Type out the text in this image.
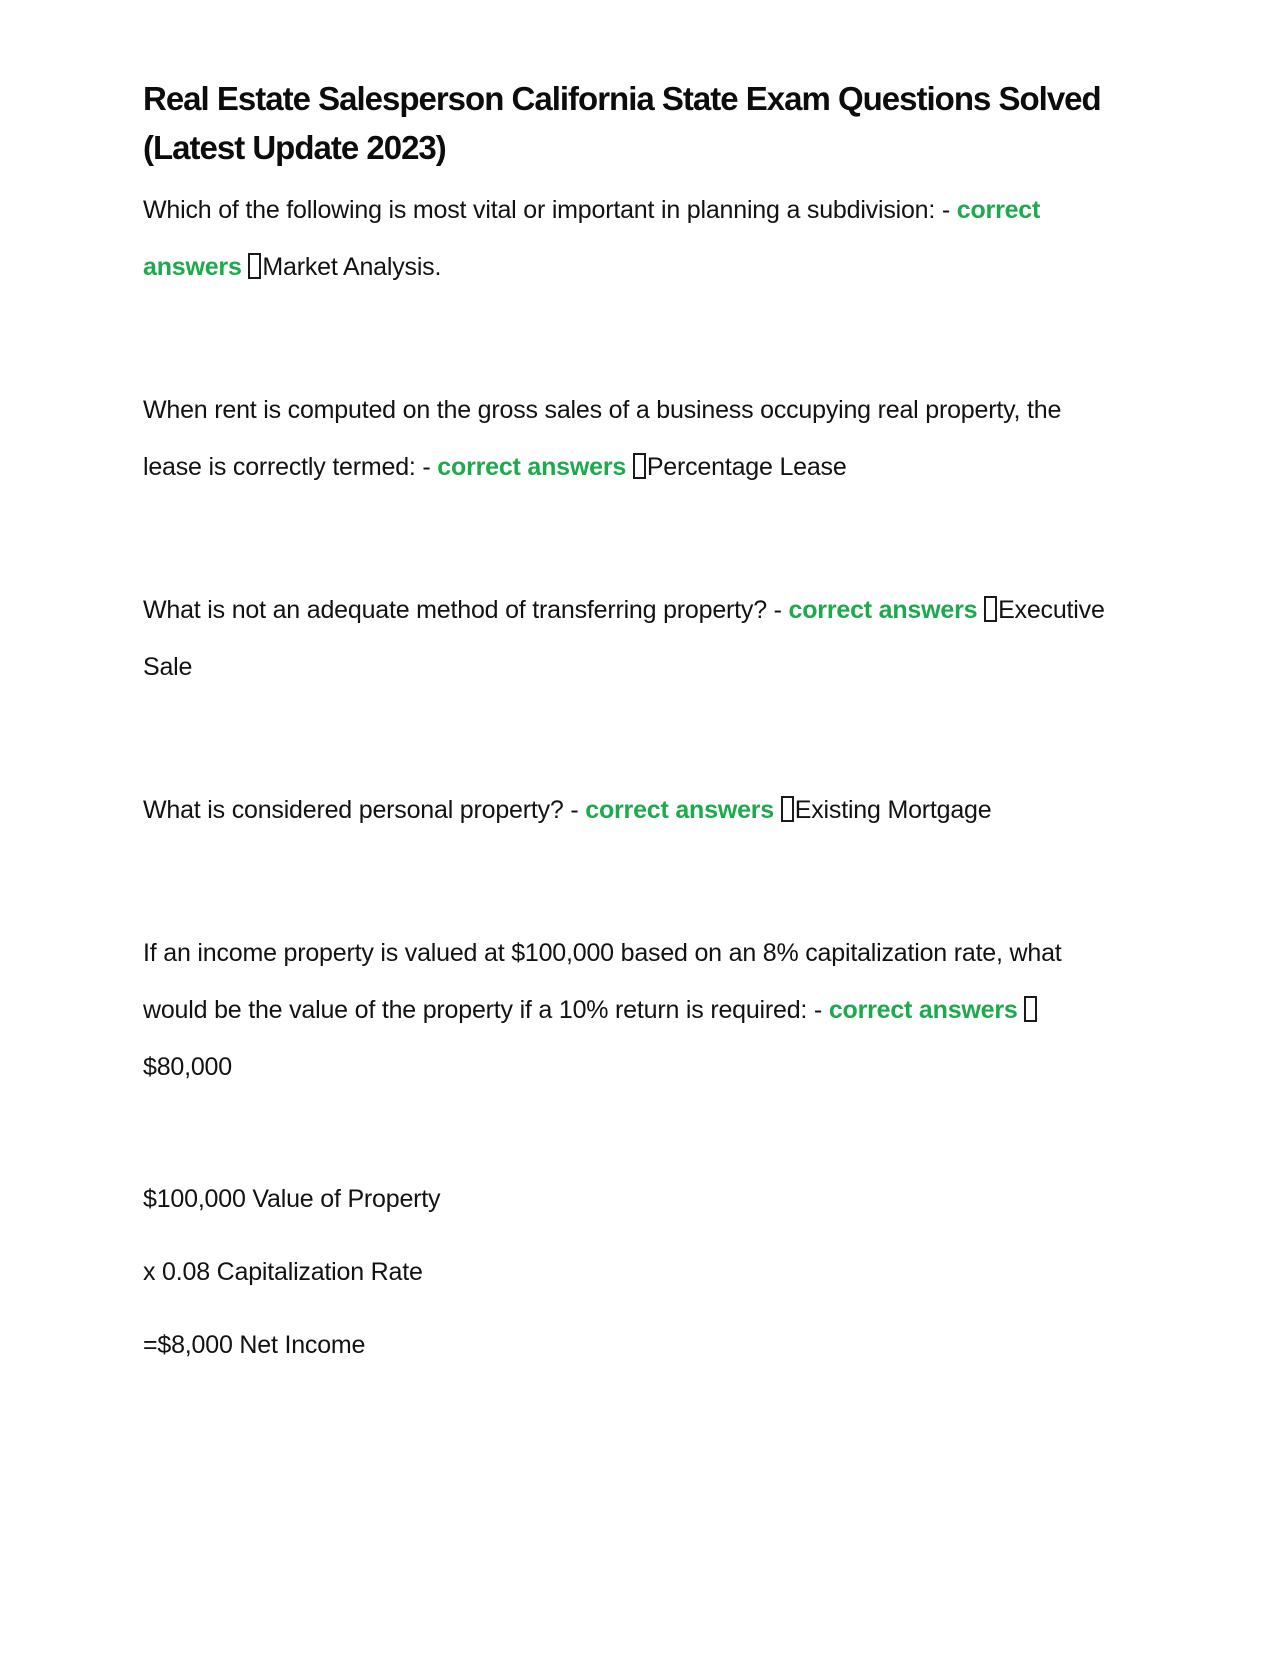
Real Estate Salesperson California State Exam Questions Solved (Latest Update 2023)

Which of the following is most vital or important in planning a subdivision: - correct answers Market Analysis.

When rent is computed on the gross sales of a business occupying real property, the lease is correctly termed: - correct answers Percentage Lease

What is not an adequate method of transferring property? - correct answers Executive Sale

What is considered personal property? - correct answers Existing Mortgage

If an income property is valued at $100,000 based on an 8% capitalization rate, what would be the value of the property if a 10% return is required: - correct answers $80,000

$100,000 Value of Property

x 0.08 Capitalization Rate

=$8,000 Net Income
